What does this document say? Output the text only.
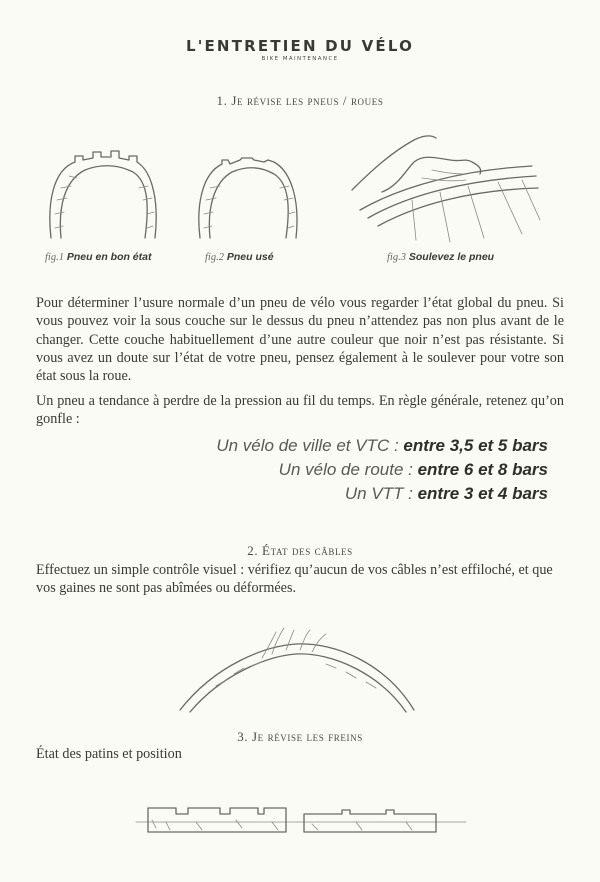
L'ENTRETIEN DU VÉLO
BIKE MAINTENANCE
1. Je révise les pneus / roues
fig.1 Pneu en bon état	fig.2 Pneu usé	fig.3 Soulevez le pneu
Pour déterminer l’usure normale d’un pneu de vélo vous regarder l’état global du pneu. Si vous pouvez voir la sous couche sur le dessus du pneu n’attendez pas non plus avant de le changer. Cette couche habituellement d’une autre couleur que noir n’est pas résistante. Si vous avez un doute sur l’état de votre pneu, pensez également à le soulever pour votre son état sous la roue.
Un pneu a tendance à perdre de la pression au fil du temps. En règle générale, retenez qu’on gonfle :
Un vélo de ville et VTC : entre 3,5 et 5 bars
Un vélo de route : entre 6 et 8 bars
Un VTT : entre 3 et 4 bars
2. État des câbles
Effectuez un simple contrôle visuel : vérifiez qu’aucun de vos câbles n’est effiloché, et que vos gaines ne sont pas abîmées ou déformées.
3. Je révise les freins
État des patins et position
